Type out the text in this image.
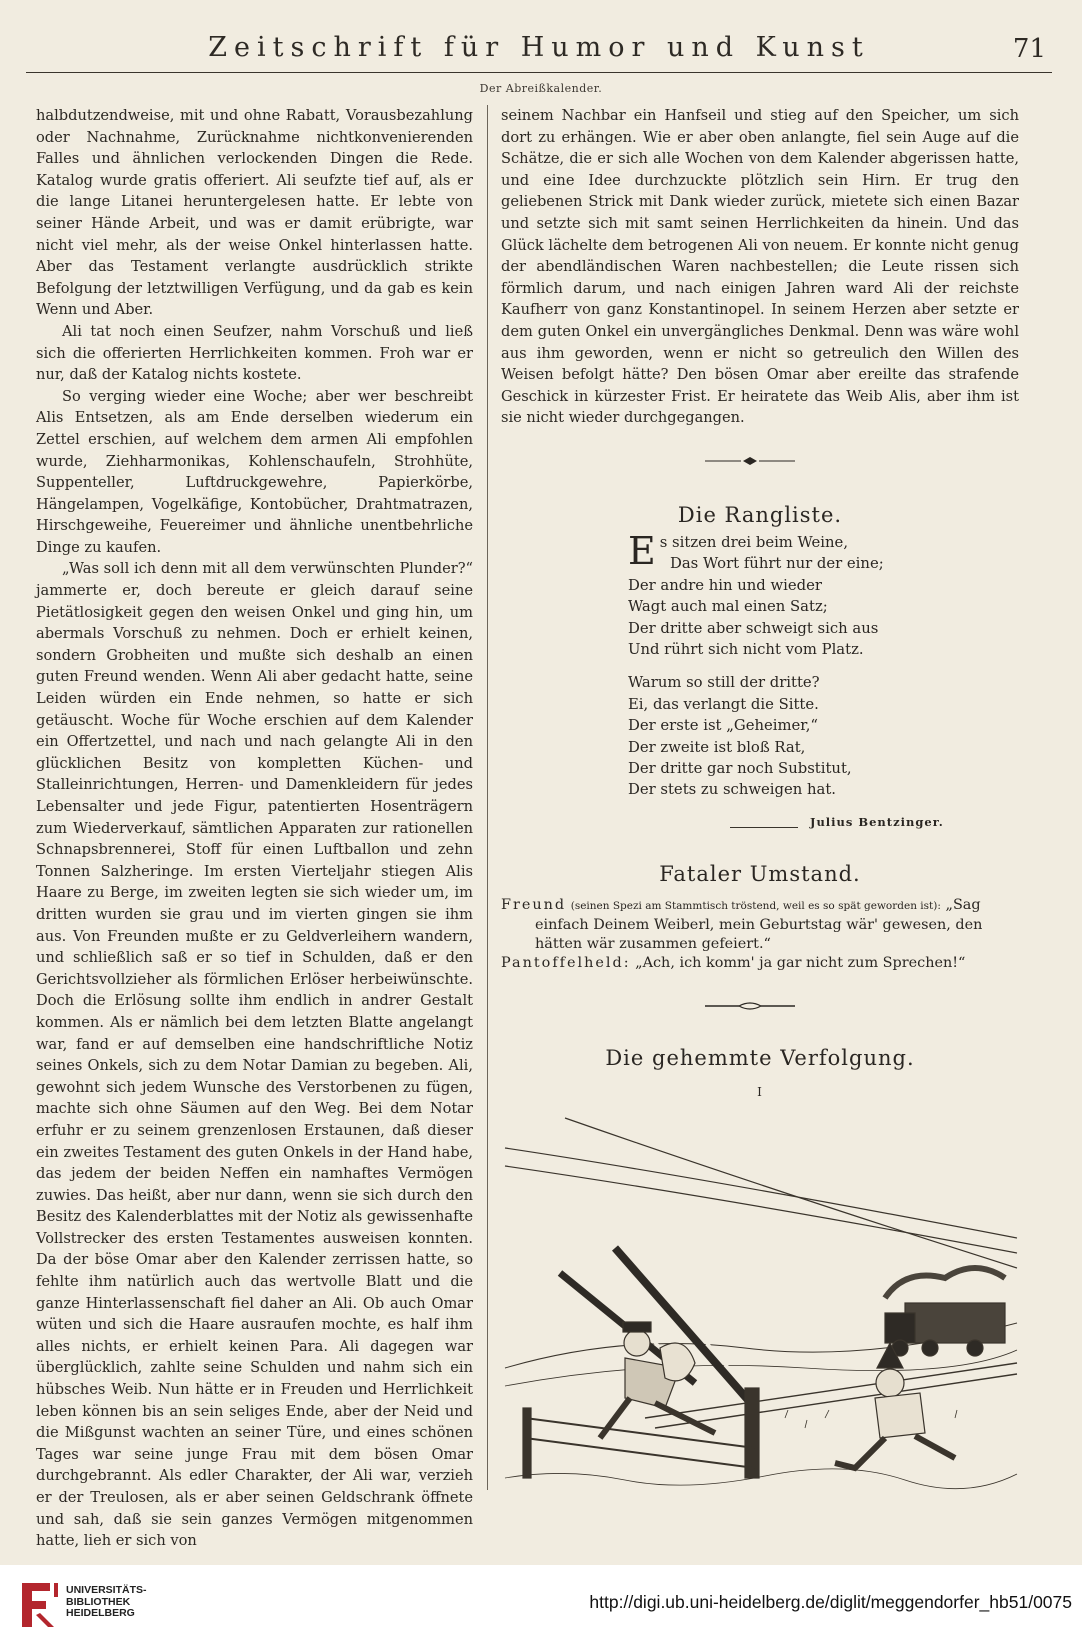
Zeitschrift für Humor und Kunst	71
Der Abreißkalender.

halbdutzendweise, mit und ohne Rabatt, Vorausbezahlung oder Nachnahme, Zurücknahme nichtkonvenierenden Falles und ähnlichen verlockenden Dingen die Rede. Katalog wurde gratis offeriert. Ali seufzte tief auf, als er die lange Litanei heruntergelesen hatte. Er lebte von seiner Hände Arbeit, und was er damit erübrigte, war nicht viel mehr, als der weise Onkel hinterlassen hatte. Aber das Testament verlangte ausdrücklich strikte Befolgung der letztwilligen Verfügung, und da gab es kein Wenn und Aber.

Ali tat noch einen Seufzer, nahm Vorschuß und ließ sich die offerierten Herrlichkeiten kommen. Froh war er nur, daß der Katalog nichts kostete.

So verging wieder eine Woche; aber wer beschreibt Alis Entsetzen, als am Ende derselben wiederum ein Zettel erschien, auf welchem dem armen Ali empfohlen wurde, Ziehharmonikas, Kohlenschaufeln, Strohhüte, Suppenteller, Luftdruckgewehre, Papierkörbe, Hängelampen, Vogelkäfige, Kontobücher, Drahtmatrazen, Hirschgeweihe, Feuereimer und ähnliche unentbehrliche Dinge zu kaufen.

„Was soll ich denn mit all dem verwünschten Plunder?“ jammerte er, doch bereute er gleich darauf seine Pietätlosigkeit gegen den weisen Onkel und ging hin, um abermals Vorschuß zu nehmen. Doch er erhielt keinen, sondern Grobheiten und mußte sich deshalb an einen guten Freund wenden. Wenn Ali aber gedacht hatte, seine Leiden würden ein Ende nehmen, so hatte er sich getäuscht. Woche für Woche erschien auf dem Kalender ein Offertzettel, und nach und nach gelangte Ali in den glücklichen Besitz von kompletten Küchen- und Stalleinrichtungen, Herren- und Damenkleidern für jedes Lebensalter und jede Figur, patentierten Hosenträgern zum Wiederverkauf, sämtlichen Apparaten zur rationellen Schnapsbrennerei, Stoff für einen Luftballon und zehn Tonnen Salzheringe. Im ersten Vierteljahr stiegen Alis Haare zu Berge, im zweiten legten sie sich wieder um, im dritten wurden sie grau und im vierten gingen sie ihm aus. Von Freunden mußte er zu Geldverleihern wandern, und schließlich saß er so tief in Schulden, daß er den Gerichtsvollzieher als förmlichen Erlöser herbeiwünschte. Doch die Erlösung sollte ihm endlich in andrer Gestalt kommen. Als er nämlich bei dem letzten Blatte angelangt war, fand er auf demselben eine handschriftliche Notiz seines Onkels, sich zu dem Notar Damian zu begeben. Ali, gewohnt sich jedem Wunsche des Verstorbenen zu fügen, machte sich ohne Säumen auf den Weg. Bei dem Notar erfuhr er zu seinem grenzenlosen Erstaunen, daß dieser ein zweites Testament des guten Onkels in der Hand habe, das jedem der beiden Neffen ein namhaftes Vermögen zuwies. Das heißt, aber nur dann, wenn sie sich durch den Besitz des Kalenderblattes mit der Notiz als gewissenhafte Vollstrecker des ersten Testamentes ausweisen konnten. Da der böse Omar aber den Kalender zerrissen hatte, so fehlte ihm natürlich auch das wertvolle Blatt und die ganze Hinterlassenschaft fiel daher an Ali. Ob auch Omar wüten und sich die Haare ausraufen mochte, es half ihm alles nichts, er erhielt keinen Para. Ali dagegen war überglücklich, zahlte seine Schulden und nahm sich ein hübsches Weib. Nun hätte er in Freuden und Herrlichkeit leben können bis an sein seliges Ende, aber der Neid und die Mißgunst wachten an seiner Türe, und eines schönen Tages war seine junge Frau mit dem bösen Omar durchgebrannt. Als edler Charakter, der Ali war, verzieh er der Treulosen, als er aber seinen Geldschrank öffnete und sah, daß sie sein ganzes Vermögen mitgenommen hatte, lieh er sich von

seinem Nachbar ein Hanfseil und stieg auf den Speicher, um sich dort zu erhängen. Wie er aber oben anlangte, fiel sein Auge auf die Schätze, die er sich alle Wochen von dem Kalender abgerissen hatte, und eine Idee durchzuckte plötzlich sein Hirn. Er trug den geliebenen Strick mit Dank wieder zurück, mietete sich einen Bazar und setzte sich mit samt seinen Herrlichkeiten da hinein. Und das Glück lächelte dem betrogenen Ali von neuem. Er konnte nicht genug der abendländischen Waren nachbestellen; die Leute rissen sich förmlich darum, und nach einigen Jahren ward Ali der reichste Kaufherr von ganz Konstantinopel. In seinem Herzen aber setzte er dem guten Onkel ein unvergängliches Denkmal. Denn was wäre wohl aus ihm geworden, wenn er nicht so getreulich den Willen des Weisen befolgt hätte? Den bösen Omar aber ereilte das strafende Geschick in kürzester Frist. Er heiratete das Weib Alis, aber ihm ist sie nicht wieder durchgegangen.

Die Rangliste.
Es sitzen drei beim Weine,
Das Wort führt nur der eine;
Der andre hin und wieder
Wagt auch mal einen Satz;
Der dritte aber schweigt sich aus
Und rührt sich nicht vom Platz.
Warum so still der dritte?
Ei, das verlangt die Sitte.
Der erste ist „Geheimer,“
Der zweite ist bloß Rat,
Der dritte gar noch Substitut,
Der stets zu schweigen hat.
Julius Bentzinger.
Fataler Umstand.
Freund (seinen Spezi am Stammtisch tröstend, weil es so spät geworden ist): „Sag
einfach Deinem Weiberl, mein Geburtstag wär' gewesen, den
hätten wär zusammen gefeiert.“
Pantoffelheld: „Ach, ich komm' ja gar nicht zum Sprechen!“
Die gehemmte Verfolgung.
I
UNIVERSITÄTS-
BIBLIOTHEK
HEIDELBERG
http://digi.ub.uni-heidelberg.de/diglit/meggendorfer_hb51/0075
